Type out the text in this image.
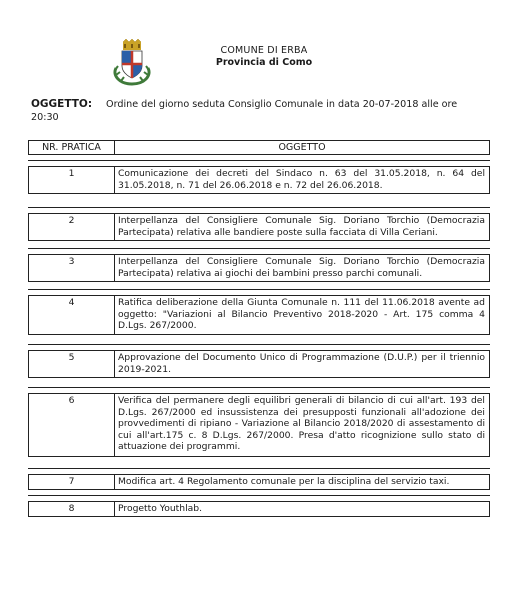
COMUNE DI ERBA
Provincia di Como
OGGETTO: Ordine del giorno seduta Consiglio Comunale in data 20-07-2018 alle ore 20:30
NR. PRATICA	OGGETTO
1	Comunicazione dei decreti del Sindaco n. 63 del 31.05.2018, n. 64 del 31.05.2018, n. 71 del 26.06.2018 e n. 72 del 26.06.2018.
2	Interpellanza del Consigliere Comunale Sig. Doriano Torchio (Democrazia Partecipata) relativa alle bandiere poste sulla facciata di Villa Ceriani.
3	Interpellanza del Consigliere Comunale Sig. Doriano Torchio (Democrazia Partecipata) relativa ai giochi dei bambini presso parchi comunali.
4	Ratifica deliberazione della Giunta Comunale n. 111 del 11.06.2018 avente ad oggetto: "Variazioni al Bilancio Preventivo 2018-2020 - Art. 175 comma 4 D.Lgs. 267/2000.
5	Approvazione del Documento Unico di Programmazione (D.U.P.) per il triennio 2019-2021.
6	Verifica del permanere degli equilibri generali di bilancio di cui all'art. 193 del D.Lgs. 267/2000 ed insussistenza dei presupposti funzionali all'adozione dei provvedimenti di ripiano - Variazione al Bilancio 2018/2020 di assestamento di cui all'art.175 c. 8 D.Lgs. 267/2000. Presa d'atto ricognizione sullo stato di attuazione dei programmi.
7	Modifica art. 4 Regolamento comunale per la disciplina del servizio taxi.
8	Progetto Youthlab.
